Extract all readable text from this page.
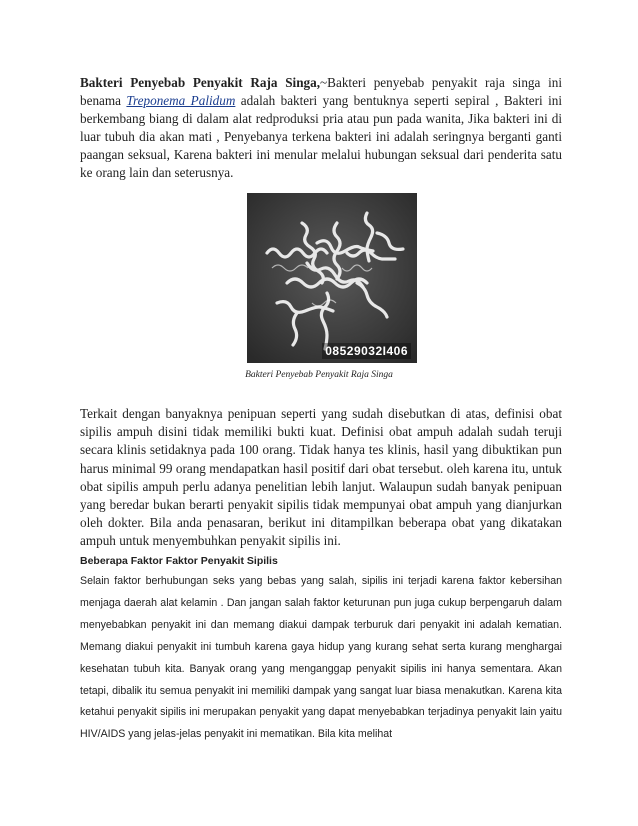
Bakteri Penyebab Penyakit Raja Singa,~Bakteri penyebab penyakit raja singa ini benama Treponema Palidum adalah bakteri yang bentuknya seperti sepiral , Bakteri ini berkembang biang di dalam alat redproduksi pria atau pun pada wanita, Jika bakteri ini di luar tubuh dia akan mati , Penyebanya terkena bakteri ini adalah seringnya berganti ganti paangan seksual, Karena bakteri ini menular melalui hubungan seksual dari penderita satu ke orang lain dan seterusnya.

08529032I406

Bakteri Penyebab Penyakit Raja Singa

Terkait dengan banyaknya penipuan seperti yang sudah disebutkan di atas, definisi obat sipilis ampuh disini tidak memiliki bukti kuat. Definisi obat ampuh adalah sudah teruji secara klinis setidaknya pada 100 orang. Tidak hanya tes klinis, hasil yang dibuktikan pun harus minimal 99 orang mendapatkan hasil positif dari obat tersebut. oleh karena itu, untuk obat sipilis ampuh perlu adanya penelitian lebih lanjut. Walaupun sudah banyak penipuan yang beredar bukan berarti penyakit sipilis tidak mempunyai obat ampuh yang dianjurkan oleh dokter. Bila anda penasaran, berikut ini ditampilkan beberapa obat yang dikatakan ampuh untuk menyembuhkan penyakit sipilis ini.

Beberapa Faktor Faktor Penyakit Sipilis

Selain faktor berhubungan seks yang bebas yang salah, sipilis ini terjadi karena faktor kebersihan menjaga daerah alat kelamin . Dan jangan salah faktor keturunan pun juga cukup berpengaruh dalam menyebabkan penyakit ini dan memang diakui dampak terburuk dari penyakit ini adalah kematian. Memang diakui penyakit ini tumbuh karena gaya hidup yang kurang sehat serta kurang menghargai kesehatan tubuh kita. Banyak orang yang menganggap penyakit sipilis ini hanya sementara. Akan tetapi, dibalik itu semua penyakit ini memiliki dampak yang sangat luar biasa menakutkan. Karena kita ketahui penyakit sipilis ini merupakan penyakit yang dapat menyebabkan terjadinya penyakit lain yaitu HIV/AIDS yang jelas-jelas penyakit ini mematikan. Bila kita melihat
